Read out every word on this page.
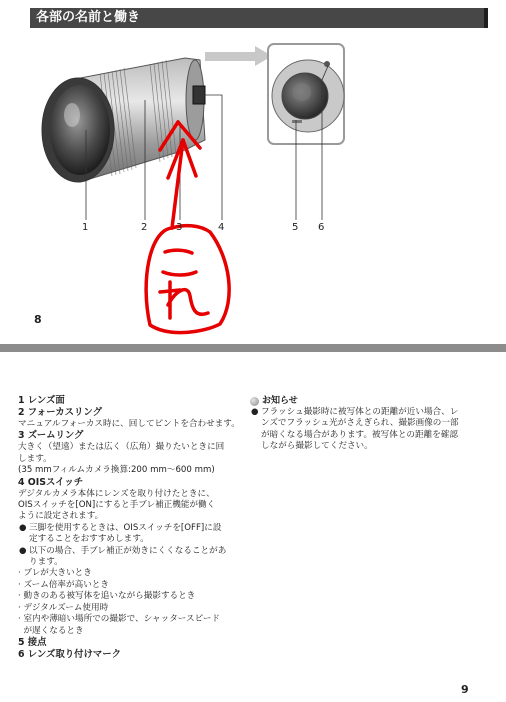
各部の名前と働き
1	2	3	4	5 6
8

1 レンズ面

2 フォーカスリング

マニュアルフォーカス時に、回してピントを合わせます。

3 ズームリング

大きく（望遠）または広く（広角）撮りたいときに回

します。

(35 mmフィルムカメラ換算:200 mm～600 mm)

4 OISスイッチ

デジタルカメラ本体にレンズを取り付けたときに、

OISスイッチを[ON]にすると手ブレ補正機能が働く

ように設定されます。

● 三脚を使用するときは、OISスイッチを[OFF]に設

定することをおすすめします。

● 以下の場合、手ブレ補正が効きにくくなることがあ

ります。

· ブレが大きいとき

· ズーム倍率が高いとき

· 動きのある被写体を追いながら撮影するとき

· デジタルズーム使用時

· 室内や薄暗い場所での撮影で、シャッタースピード

が遅くなるとき

5 接点

6 レンズ取り付けマーク

お知らせ
● フラッシュ撮影時に被写体との距離が近い場合、レ

ンズでフラッシュ光がさえぎられ、撮影画像の一部

が暗くなる場合があります。被写体との距離を確認

しながら撮影してください。

9
